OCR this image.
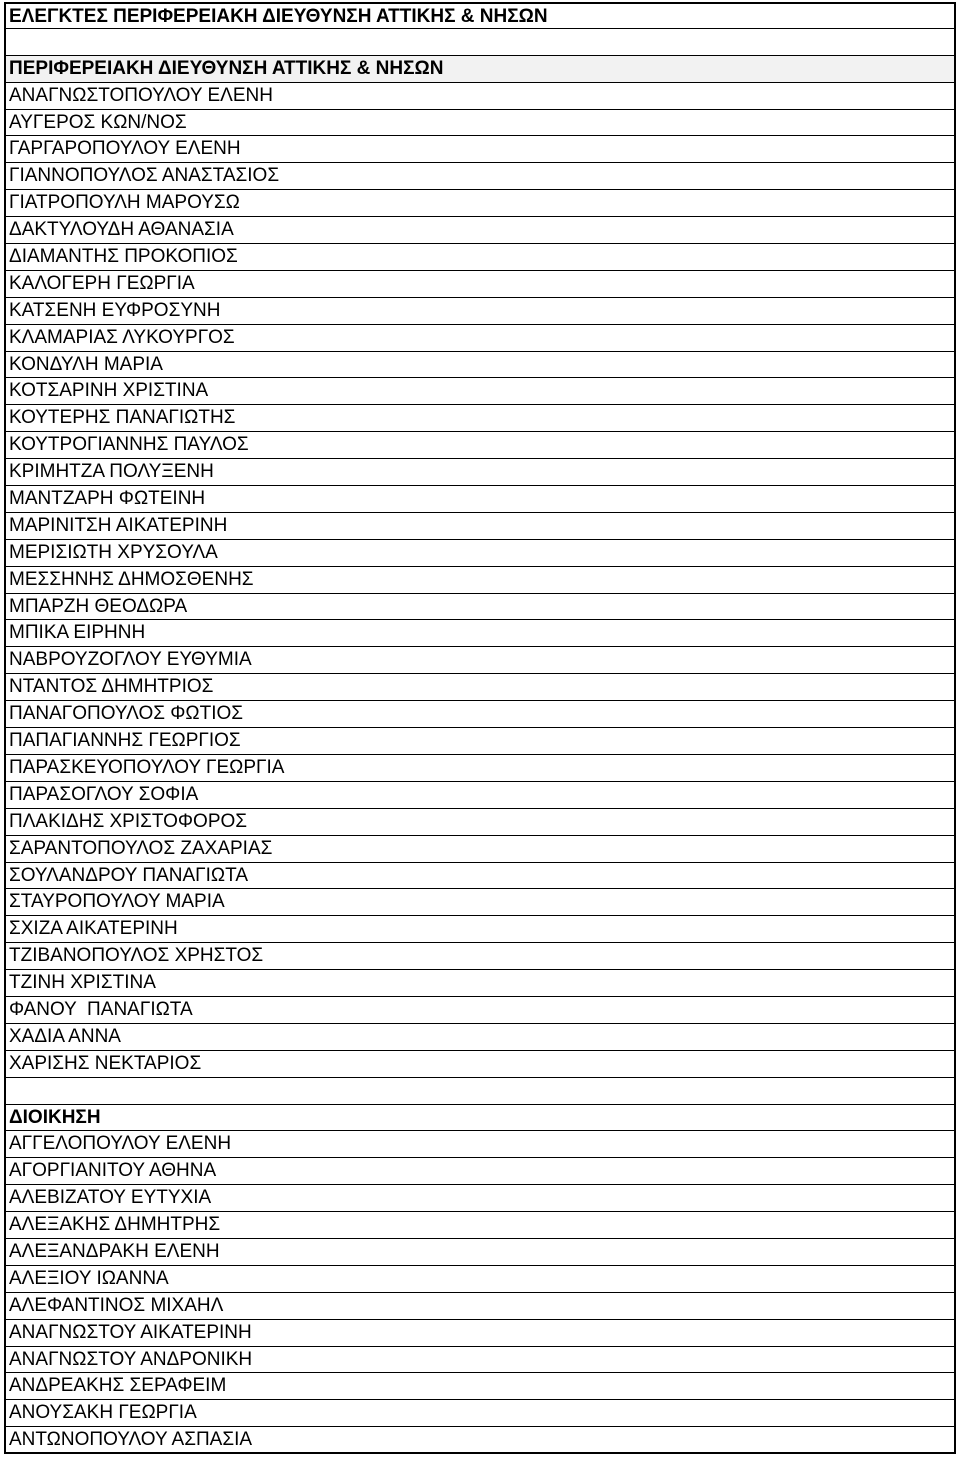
ΕΛΕΓΚΤΕΣ ΠΕΡΙΦΕΡΕΙΑΚΗ ΔΙΕΥΘΥΝΣΗ ΑΤΤΙΚΗΣ & ΝΗΣΩΝ
ΠΕΡΙΦΕΡΕΙΑΚΗ ΔΙΕΥΘΥΝΣΗ ΑΤΤΙΚΗΣ & ΝΗΣΩΝ
ΑΝΑΓΝΩΣΤΟΠΟΥΛΟΥ ΕΛΕΝΗ
ΑΥΓΕΡΟΣ ΚΩΝ/ΝΟΣ
ΓΑΡΓΑΡΟΠΟΥΛΟΥ ΕΛΕΝΗ
ΓΙΑΝΝΟΠΟΥΛΟΣ ΑΝΑΣΤΑΣΙΟΣ
ΓΙΑΤΡΟΠΟΥΛΗ ΜΑΡΟΥΣΩ
ΔΑΚΤΥΛΟΥΔΗ ΑΘΑΝΑΣΙΑ
ΔΙΑΜΑΝΤΗΣ ΠΡΟΚΟΠΙΟΣ
ΚΑΛΟΓΕΡΗ ΓΕΩΡΓΙΑ
ΚΑΤΣΕΝΗ ΕΥΦΡΟΣΥΝΗ
ΚΛΑΜΑΡΙΑΣ ΛΥΚΟΥΡΓΟΣ
ΚΟΝΔΥΛΗ ΜΑΡΙΑ
ΚΟΤΣΑΡΙΝΗ ΧΡΙΣΤΙΝΑ
ΚΟΥΤΕΡΗΣ ΠΑΝΑΓΙΩΤΗΣ
ΚΟΥΤΡΟΓΙΑΝΝΗΣ ΠΑΥΛΟΣ
ΚΡΙΜΗΤΖΑ ΠΟΛΥΞΕΝΗ
ΜΑΝΤΖΑΡΗ ΦΩΤΕΙΝΗ
ΜΑΡΙΝΙΤΣΗ ΑΙΚΑΤΕΡΙΝΗ
ΜΕΡΙΣΙΩΤΗ ΧΡΥΣΟΥΛΑ
ΜΕΣΣΗΝΗΣ ΔΗΜΟΣΘΕΝΗΣ
ΜΠΑΡΖΗ ΘΕΟΔΩΡΑ
ΜΠΙΚΑ ΕΙΡΗΝΗ
ΝΑΒΡΟΥΖΟΓΛΟΥ ΕΥΘΥΜΙΑ
ΝΤΑΝΤΟΣ ΔΗΜΗΤΡΙΟΣ
ΠΑΝΑΓΟΠΟΥΛΟΣ ΦΩΤΙΟΣ
ΠΑΠΑΓΙΑΝΝΗΣ ΓΕΩΡΓΙΟΣ
ΠΑΡΑΣΚΕΥΟΠΟΥΛΟΥ ΓΕΩΡΓΙΑ
ΠΑΡΑΣΟΓΛΟΥ ΣΟΦΙΑ
ΠΛΑΚΙΔΗΣ ΧΡΙΣΤΟΦΟΡΟΣ
ΣΑΡΑΝΤΟΠΟΥΛΟΣ ΖΑΧΑΡΙΑΣ
ΣΟΥΛΑΝΔΡΟΥ ΠΑΝΑΓΙΩΤΑ
ΣΤΑΥΡΟΠΟΥΛΟΥ ΜΑΡΙΑ
ΣΧΙΖΑ ΑΙΚΑΤΕΡΙΝΗ
ΤΖΙΒΑΝΟΠΟΥΛΟΣ ΧΡΗΣΤΟΣ
ΤΖΙΝΗ ΧΡΙΣΤΙΝΑ
ΦΑΝΟΥ  ΠΑΝΑΓΙΩΤΑ
ΧΑΔΙΑ ΑΝΝΑ
ΧΑΡΙΣΗΣ ΝΕΚΤΑΡΙΟΣ
ΔΙΟΙΚΗΣΗ
ΑΓΓΕΛΟΠΟΥΛΟΥ ΕΛΕΝΗ
ΑΓΟΡΓΙΑΝΙΤΟΥ ΑΘΗΝΑ
ΑΛΕΒΙΖΑΤΟΥ ΕΥΤΥΧΙΑ
ΑΛΕΞΑΚΗΣ ΔΗΜΗΤΡΗΣ
ΑΛΕΞΑΝΔΡΑΚΗ ΕΛΕΝΗ
ΑΛΕΞΙΟΥ ΙΩΑΝΝΑ
ΑΛΕΦΑΝΤΙΝΟΣ ΜΙΧΑΗΛ
ΑΝΑΓΝΩΣΤΟΥ ΑΙΚΑΤΕΡΙΝΗ
ΑΝΑΓΝΩΣΤΟΥ ΑΝΔΡΟΝΙΚΗ
ΑΝΔΡΕΑΚΗΣ ΣΕΡΑΦΕΙΜ
ΑΝΟΥΣΑΚΗ ΓΕΩΡΓΙΑ
ΑΝΤΩΝΟΠΟΥΛΟΥ ΑΣΠΑΣΙΑ
